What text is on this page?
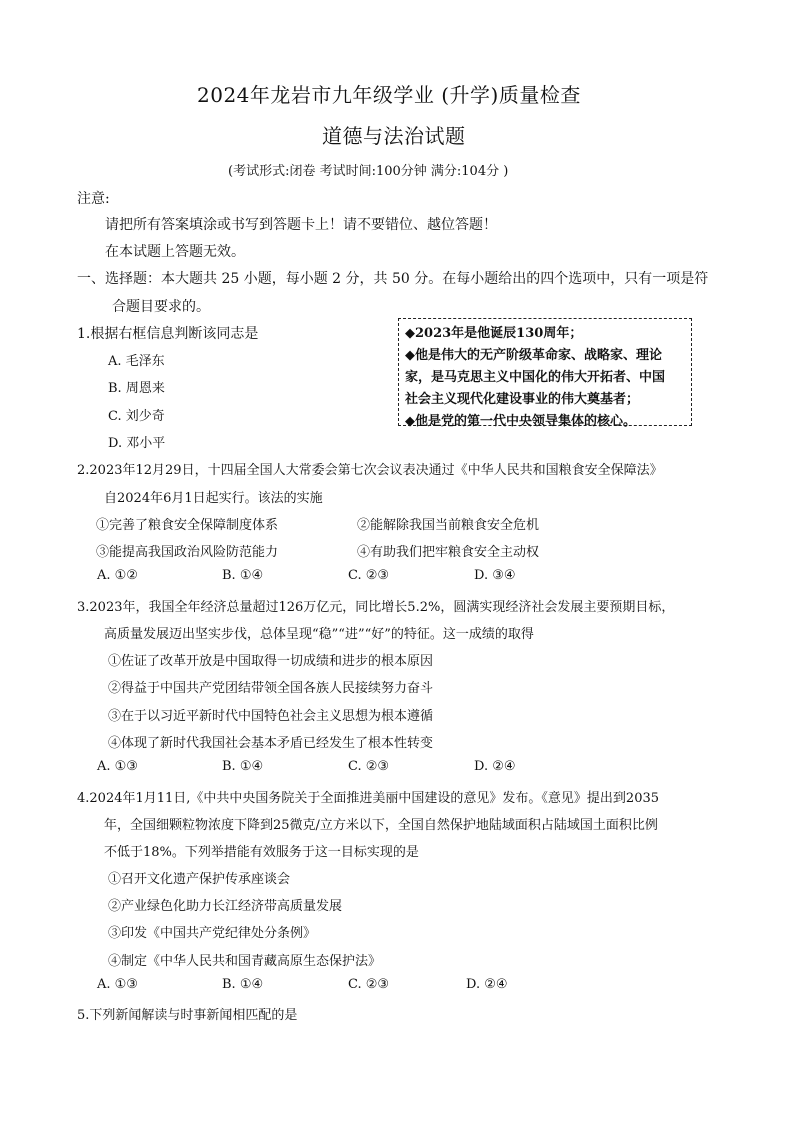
2024年龙岩市九年级学业 (升学)质量检查
道德与法治试题
(考试形式:闭卷 考试时间:100分钟 满分:104分 )
注意:
请把所有答案填涂或书写到答题卡上！请不要错位、越位答题！
在本试题上答题无效。
一、选择题：本大题共 25 小题，每小题 2 分，共 50 分。在每小题给出的四个选项中，只有一项是符
合题目要求的。
1.根据右框信息判断该同志是
A. 毛泽东
B. 周恩来
C. 刘少奇
D. 邓小平
◆2023年是他诞辰130周年；
◆他是伟大的无产阶级革命家、战略家、理论
家，是马克思主义中国化的伟大开拓者、中国
社会主义现代化建设事业的伟大奠基者；
◆他是党的第一代中央领导集体的核心。
2.2023年12月29日，十四届全国人大常委会第七次会议表决通过《中华人民共和国粮食安全保障法》
自2024年6月1日起实行。该法的实施
①完善了粮食安全保障制度体系	②能解除我国当前粮食安全危机
③能提高我国政治风险防范能力	④有助我们把牢粮食安全主动权
A. ①②	B. ①④	C. ②③	D. ③④
3.2023年，我国全年经济总量超过126万亿元，同比增长5.2%，圆满实现经济社会发展主要预期目标，
高质量发展迈出坚实步伐，总体呈现“稳”“进”“好”的特征。这一成绩的取得
①佐证了改革开放是中国取得一切成绩和进步的根本原因
②得益于中国共产党团结带领全国各族人民接续努力奋斗
③在于以习近平新时代中国特色社会主义思想为根本遵循
④体现了新时代我国社会基本矛盾已经发生了根本性转变
A. ①③	B. ①④	C. ②③	D. ②④
4.2024年1月11日,《中共中央国务院关于全面推进美丽中国建设的意见》发布。《意见》提出到2035
年，全国细颗粒物浓度下降到25微克/立方米以下，全国自然保护地陆域面积占陆域国土面积比例
不低于18%。下列举措能有效服务于这一目标实现的是
①召开文化遗产保护传承座谈会
②产业绿色化助力长江经济带高质量发展
③印发《中国共产党纪律处分条例》
④制定《中华人民共和国青藏高原生态保护法》
A. ①③	B. ①④	C. ②③	D. ②④
5.下列新闻解读与时事新闻相匹配的是
